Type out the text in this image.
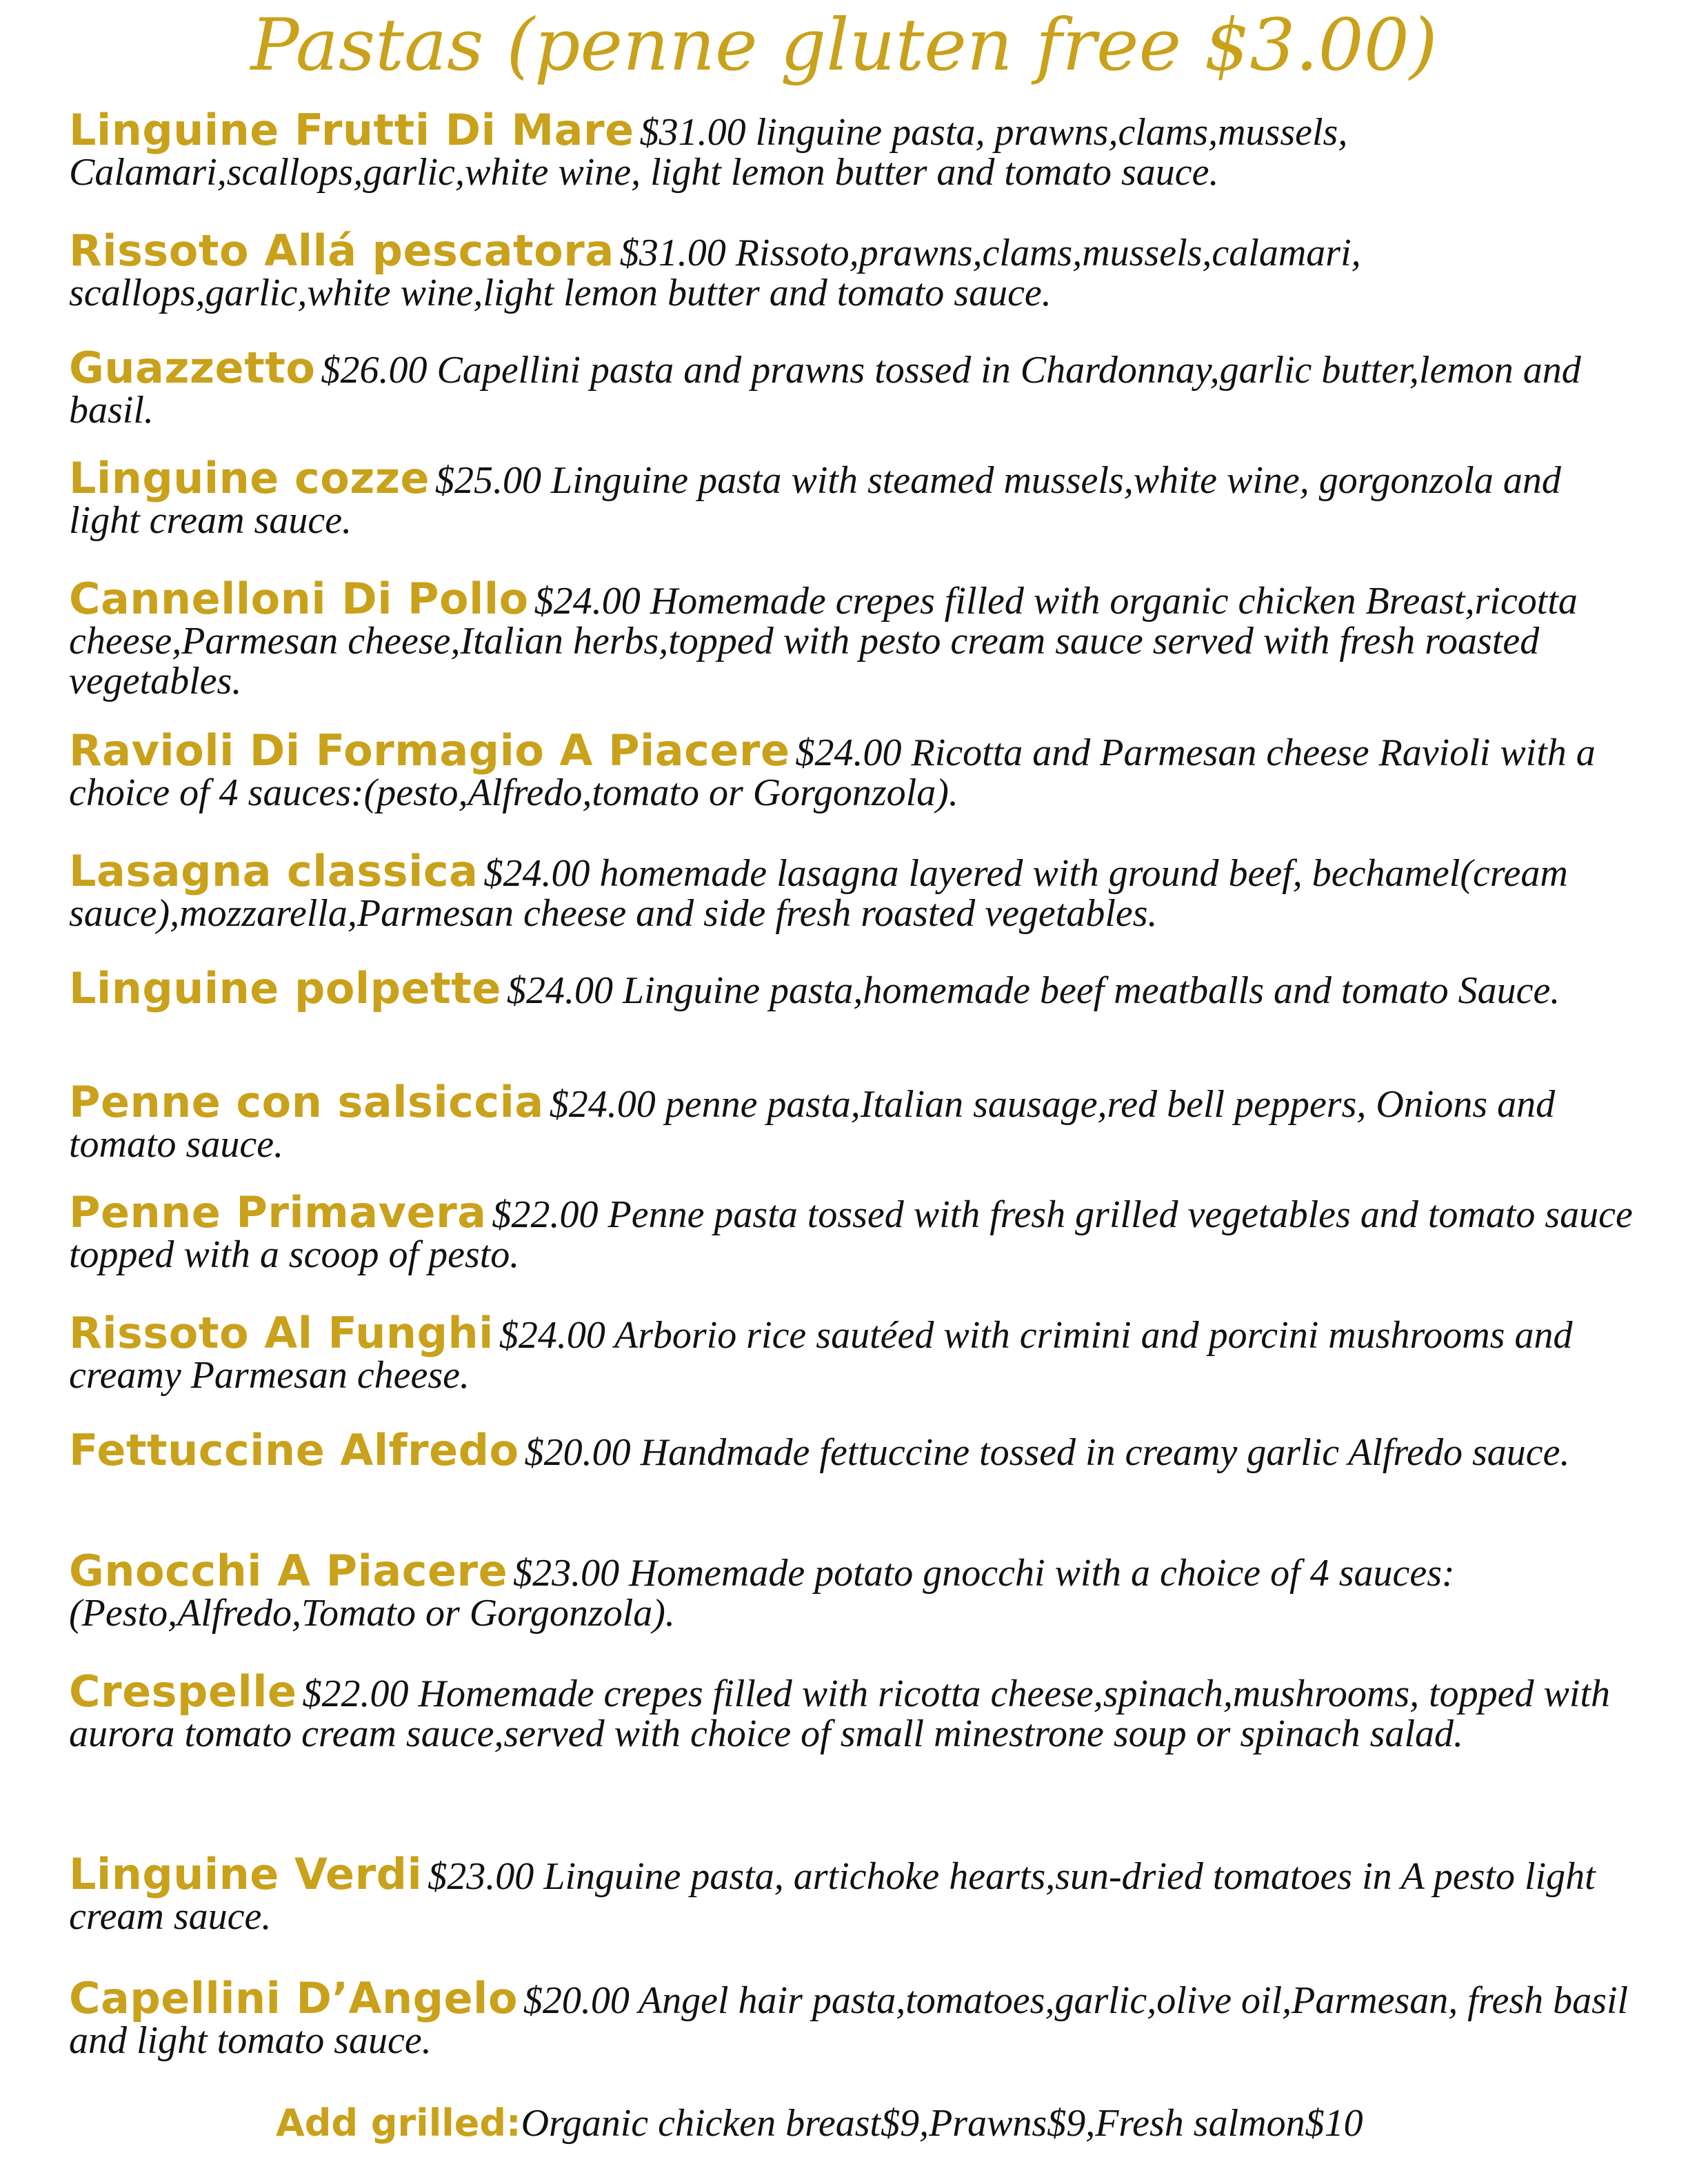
Pastas (penne gluten free $3.00)
Linguine Frutti Di Mare $31.00 linguine pasta, prawns,clams,mussels, Calamari,scallops,garlic,white wine, light lemon butter and tomato sauce.
Rissoto Allá pescatora $31.00 Rissoto,prawns,clams,mussels,calamari, scallops,garlic,white wine,light lemon butter and tomato sauce.
Guazzetto $26.00 Capellini pasta and prawns tossed in Chardonnay,garlic butter,lemon and basil.
Linguine cozze $25.00 Linguine pasta with steamed mussels,white wine, gorgonzola and light cream sauce.
Cannelloni Di Pollo $24.00 Homemade crepes filled with organic chicken Breast,ricotta cheese,Parmesan cheese,Italian herbs,topped with pesto cream sauce served with fresh roasted vegetables.
Ravioli Di Formagio A Piacere $24.00 Ricotta and Parmesan cheese Ravioli with a choice of 4 sauces:(pesto,Alfredo,tomato or Gorgonzola).
Lasagna classica $24.00 homemade lasagna layered with ground beef, bechamel(cream sauce),mozzarella,Parmesan cheese and side fresh roasted vegetables.
Linguine polpette $24.00 Linguine pasta,homemade beef meatballs and tomato Sauce.
Penne con salsiccia $24.00 penne pasta,Italian sausage,red bell peppers, Onions and tomato sauce.
Penne Primavera $22.00 Penne pasta tossed with fresh grilled vegetables and tomato sauce topped with a scoop of pesto.
Rissoto Al Funghi $24.00 Arborio rice sautéed with crimini and porcini mushrooms and creamy Parmesan cheese.
Fettuccine Alfredo $20.00 Handmade fettuccine tossed in creamy garlic Alfredo sauce.
Gnocchi A Piacere $23.00 Homemade potato gnocchi with a choice of 4 sauces: (Pesto,Alfredo,Tomato or Gorgonzola).
Crespelle $22.00 Homemade crepes filled with ricotta cheese,spinach,mushrooms, topped with aurora tomato cream sauce,served with choice of small minestrone soup or spinach salad.
Linguine Verdi $23.00 Linguine pasta, artichoke hearts,sun-dried tomatoes in A pesto light cream sauce.
Capellini D’Angelo $20.00 Angel hair pasta,tomatoes,garlic,olive oil,Parmesan, fresh basil and light tomato sauce.
Add grilled:Organic chicken breast$9,Prawns$9,Fresh salmon$10
